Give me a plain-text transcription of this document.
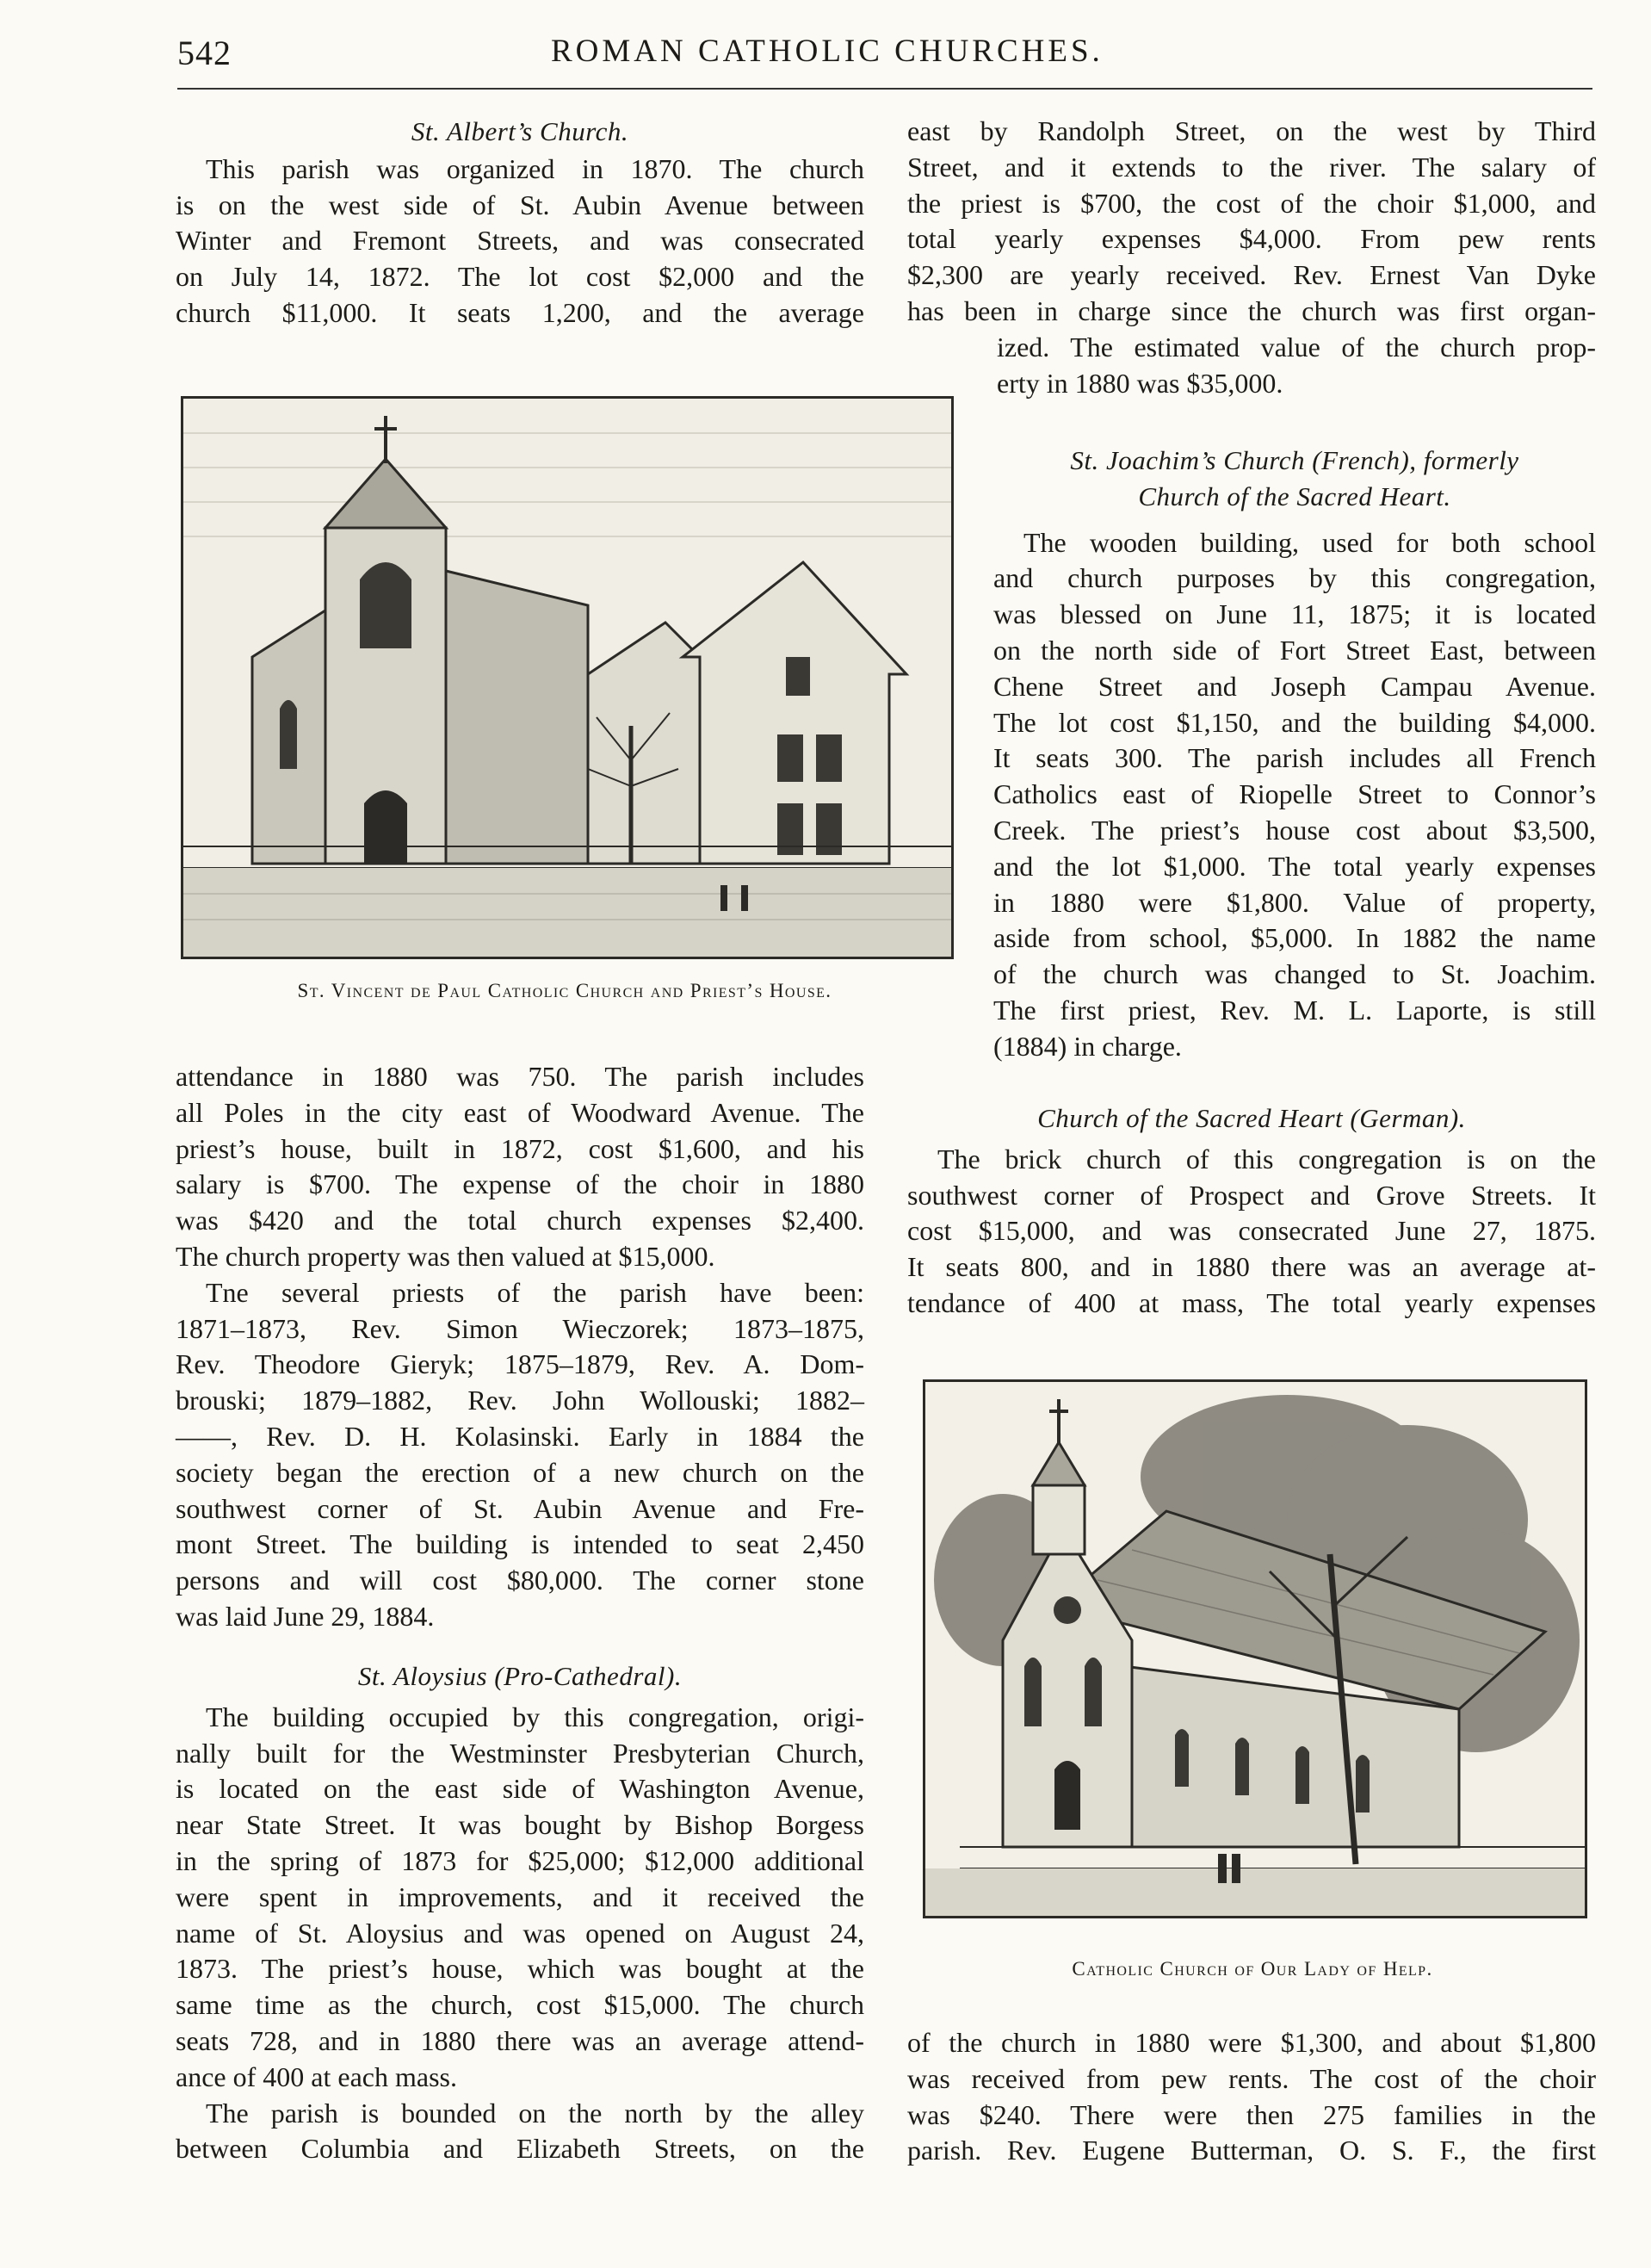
542	ROMAN CATHOLIC CHURCHES.

St. Albert’s Church.

This parish was organized in 1870. The church

is on the west side of St. Aubin Avenue between

Winter and Fremont Streets, and was consecrated

on July 14, 1872. The lot cost $2,000 and the

church $11,000. It seats 1,200, and the average

St. Vincent de Paul Catholic Church and Priest’s House.

attendance in 1880 was 750. The parish includes

all Poles in the city east of Woodward Avenue. The

priest’s house, built in 1872, cost $1,600, and his

salary is $700. The expense of the choir in 1880

was $420 and the total church expenses $2,400.

The church property was then valued at $15,000.

Tne several priests of the parish have been:

1871–1873, Rev. Simon Wieczorek; 1873–1875,

Rev. Theodore Gieryk; 1875–1879, Rev. A. Dom-

brouski; 1879–1882, Rev. John Wollouski; 1882–

——, Rev. D. H. Kolasinski. Early in 1884 the

society began the erection of a new church on the

southwest corner of St. Aubin Avenue and Fre-

mont Street. The building is intended to seat 2,450

persons and will cost $80,000. The corner stone

was laid June 29, 1884.

St. Aloysius (Pro-Cathedral).

The building occupied by this congregation, origi-

nally built for the Westminster Presbyterian Church,

is located on the east side of Washington Avenue,

near State Street. It was bought by Bishop Borgess

in the spring of 1873 for $25,000; $12,000 additional

were spent in improvements, and it received the

name of St. Aloysius and was opened on August 24,

1873. The priest’s house, which was bought at the

same time as the church, cost $15,000. The church

seats 728, and in 1880 there was an average attend-

ance of 400 at each mass.

The parish is bounded on the north by the alley

between Columbia and Elizabeth Streets, on the

east by Randolph Street, on the west by Third

Street, and it extends to the river. The salary of

the priest is $700, the cost of the choir $1,000, and

total yearly expenses $4,000. From pew rents

$2,300 are yearly received. Rev. Ernest Van Dyke

has been in charge since the church was first organ-

ized. The estimated value of the church prop-

erty in 1880 was $35,000.

St. Joachim’s Church (French), formerly

Church of the Sacred Heart.

The wooden building, used for both school

and church purposes by this congregation,

was blessed on June 11, 1875; it is located

on the north side of Fort Street East, between

Chene Street and Joseph Campau Avenue.

The lot cost $1,150, and the building $4,000.

It seats 300. The parish includes all French

Catholics east of Riopelle Street to Connor’s

Creek. The priest’s house cost about $3,500,

and the lot $1,000. The total yearly expenses

in 1880 were $1,800. Value of property,

aside from school, $5,000. In 1882 the name

of the church was changed to St. Joachim.

The first priest, Rev. M. L. Laporte, is still

(1884) in charge.

Church of the Sacred Heart (German).

The brick church of this congregation is on the

southwest corner of Prospect and Grove Streets. It

cost $15,000, and was consecrated June 27, 1875.

It seats 800, and in 1880 there was an average at-

tendance of 400 at mass, The total yearly expenses

Catholic Church of Our Lady of Help.

of the church in 1880 were $1,300, and about $1,800

was received from pew rents. The cost of the choir

was $240. There were then 275 families in the

parish. Rev. Eugene Butterman, O. S. F., the first
